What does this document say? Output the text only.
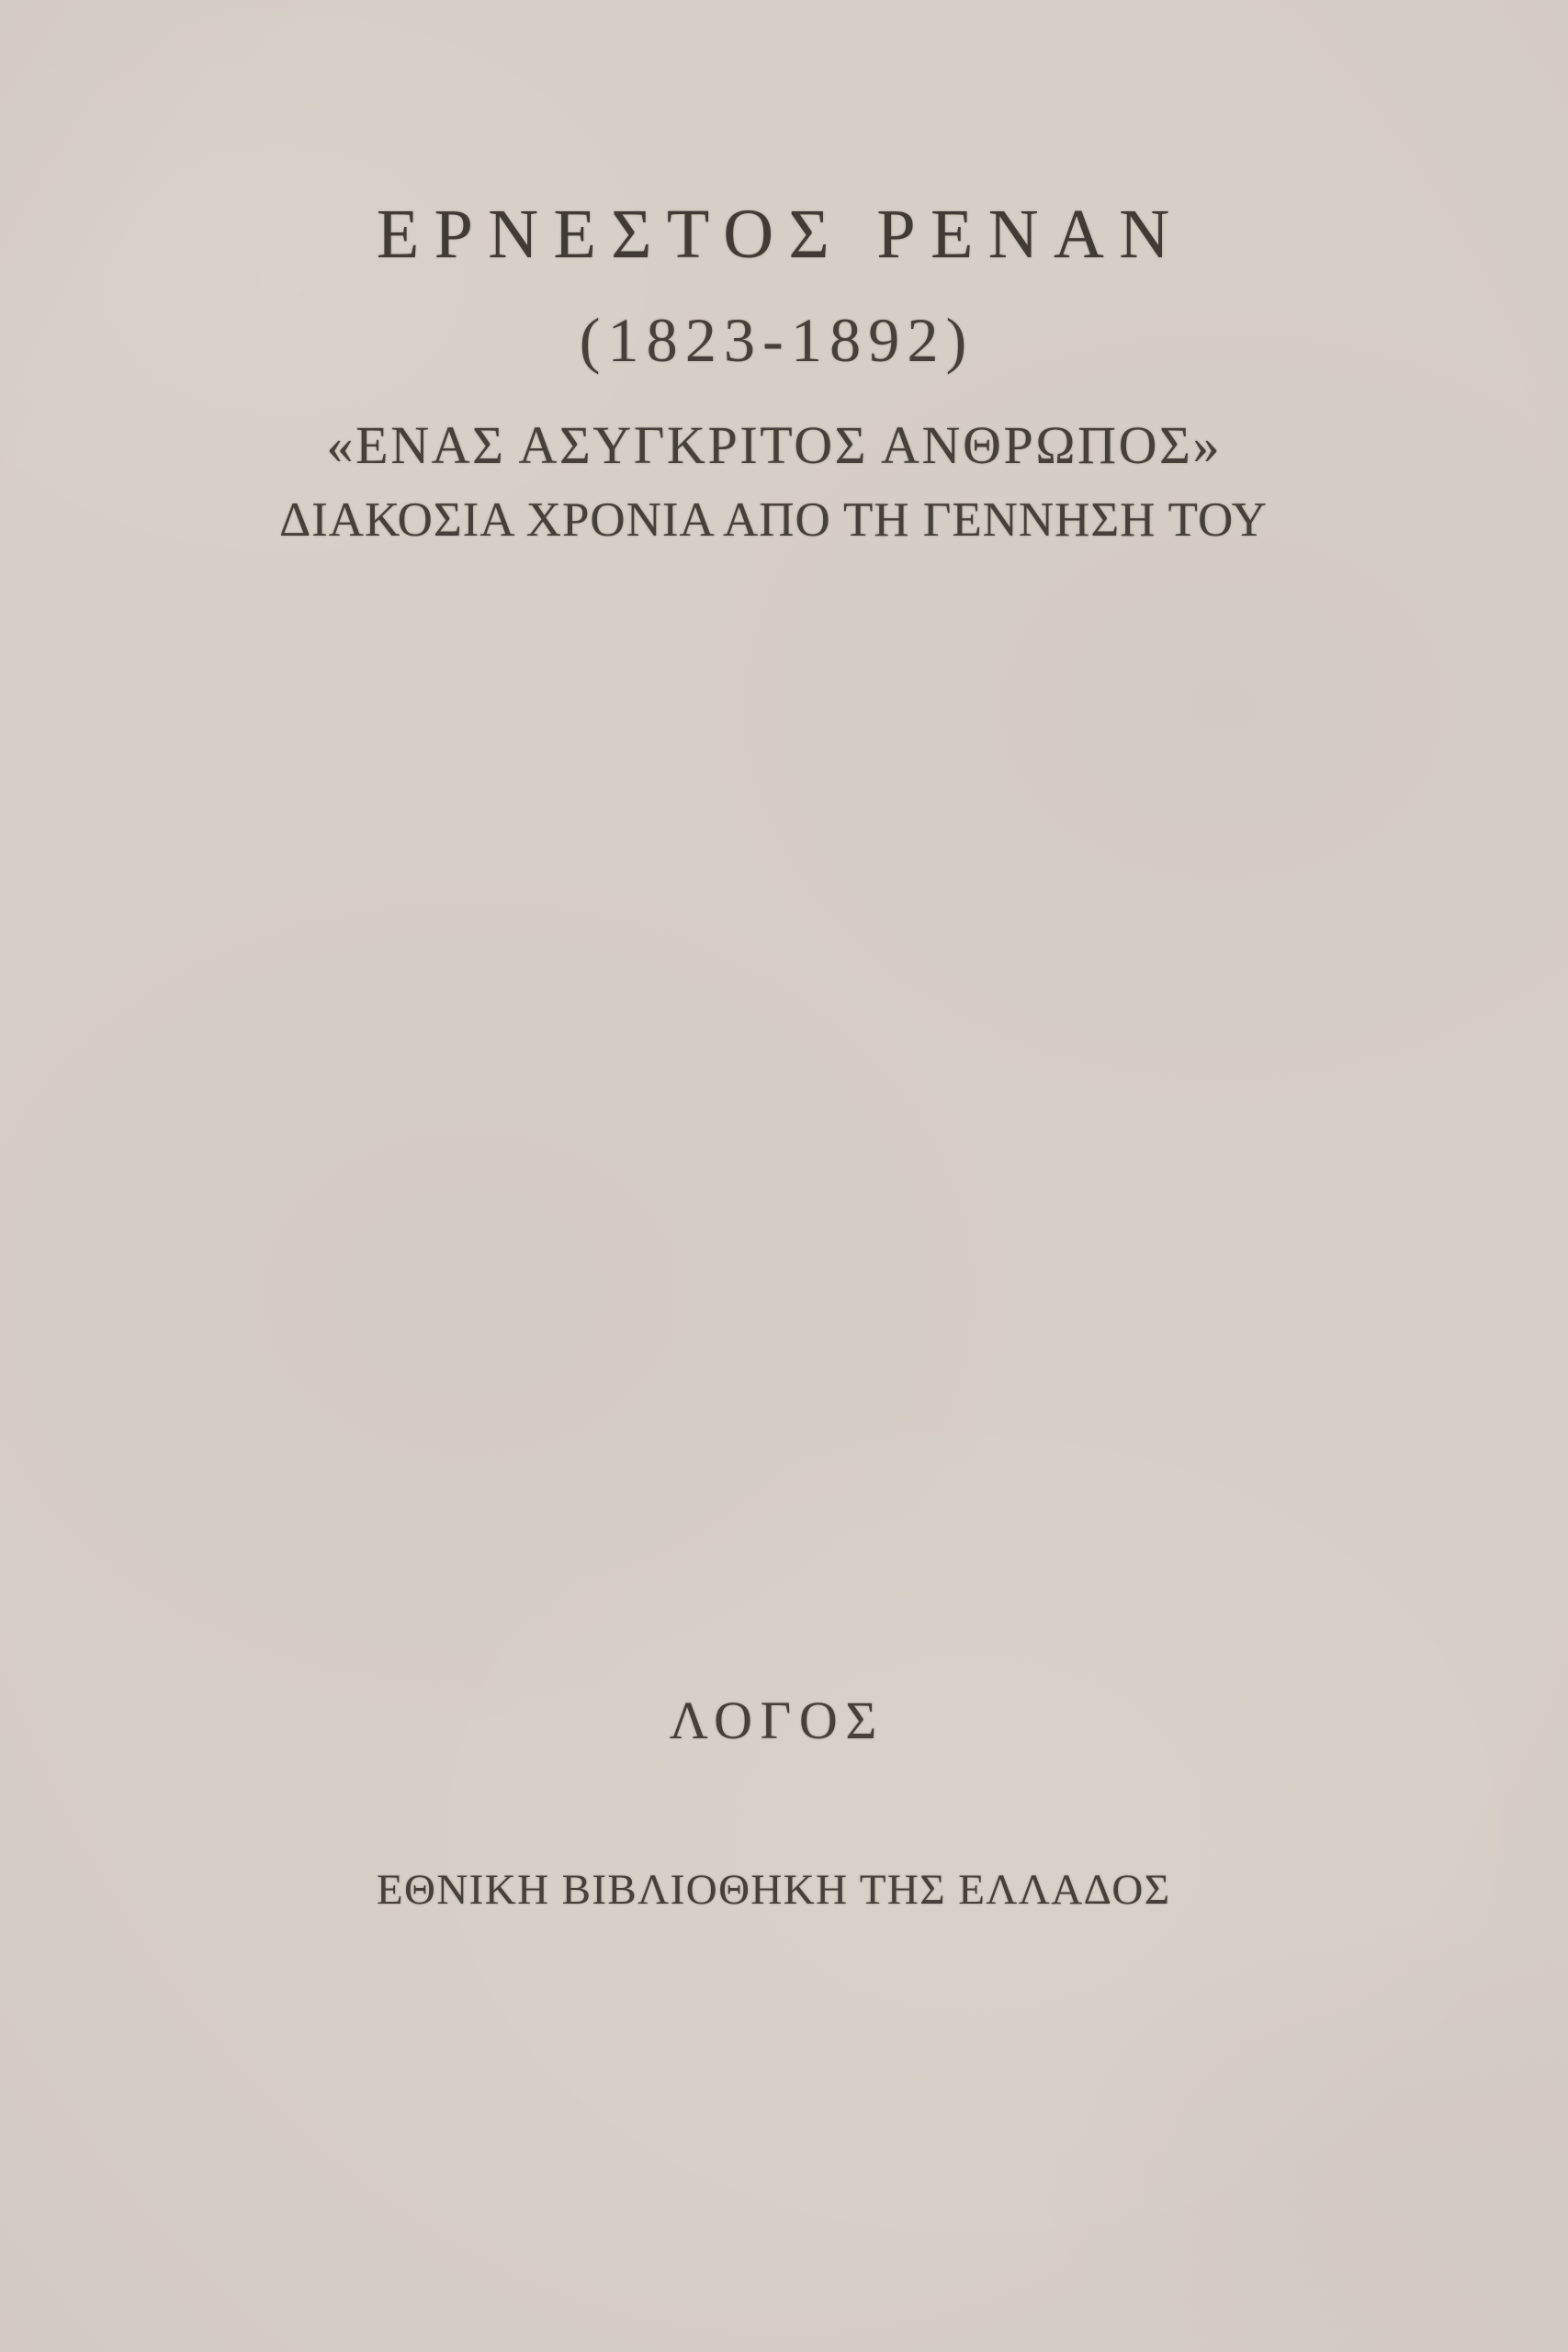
ΕΡΝΕΣΤΟΣ ΡΕΝΑΝ
(1823-1892)
«ΕΝΑΣ ΑΣΥΓΚΡΙΤΟΣ ΑΝΘΡΩΠΟΣ»
ΔΙΑΚΟΣΙΑ ΧΡΟΝΙΑ ΑΠΟ ΤΗ ΓΕΝΝΗΣΗ ΤΟΥ
ΛΟΓΟΣ
ΕΘΝΙΚΗ ΒΙΒΛΙΟΘΗΚΗ ΤΗΣ ΕΛΛΑΔΟΣ
